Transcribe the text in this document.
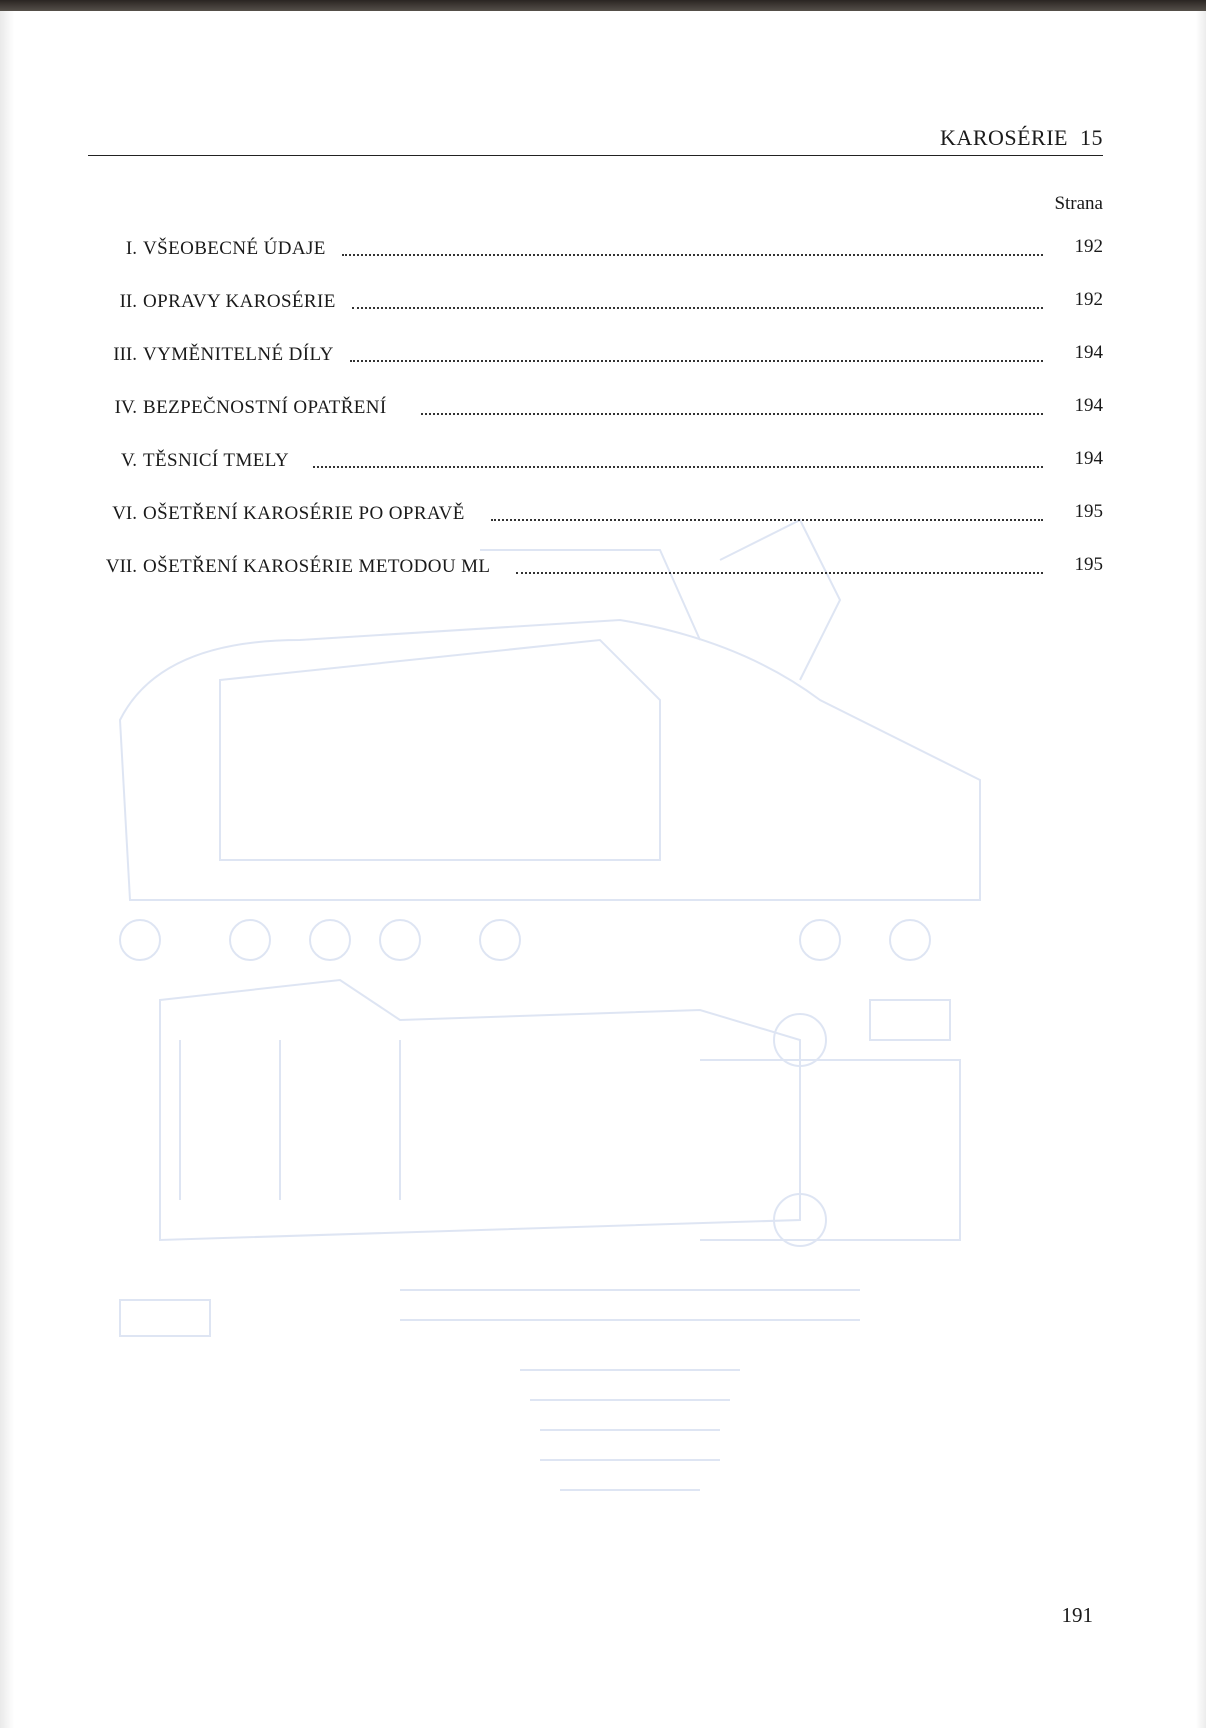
KAROSÉRIE 15
Strana
I. VŠEOBECNÉ ÚDAJE	192
II. OPRAVY KAROSÉRIE	192
III. VYMĚNITELNÉ DÍLY	194
IV. BEZPEČNOSTNÍ OPATŘENÍ	194
V. TĚSNICÍ TMELY	194
VI. OŠETŘENÍ KAROSÉRIE PO OPRAVĚ	195
VII. OŠETŘENÍ KAROSÉRIE METODOU ML	195
191
